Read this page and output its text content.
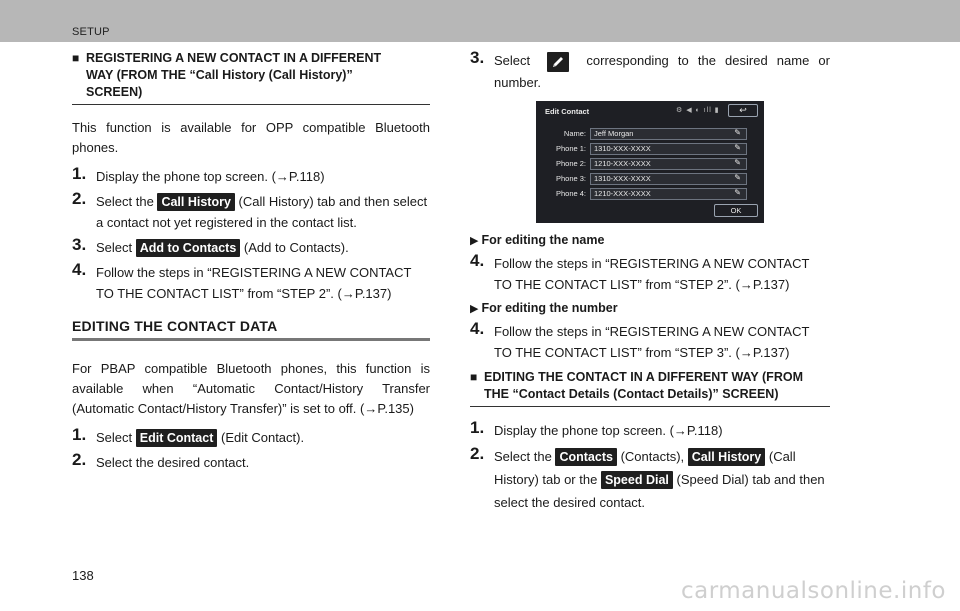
SETUP
■ REGISTERING A NEW CONTACT IN A DIFFERENT
WAY (FROM THE “Call History (Call History)”
SCREEN)

This function is available for OPP compatible Bluetooth phones.

1. Display the phone top screen. (→P.118)
2. Select the Call History (Call History) tab and then select a contact not yet registered in the contact list.
3. Select Add to Contacts (Add to Contacts).
4. Follow the steps in “REGISTERING A NEW CONTACT TO THE CONTACT LIST” from “STEP 2”. (→P.137)
EDITING THE CONTACT DATA

For PBAP compatible Bluetooth phones, this function is available when “Automatic Contact/History Transfer (Automatic Contact/History Transfer)” is set to off. (→P.135)

1. Select Edit Contact (Edit Contact).
2. Select the desired contact.
3. Select	corresponding to the desired name or number.
Edit Contact	⚙ ◀ ◐ ıll ▮	↩
Name:	Jeff Morgan	✎
Phone 1:	1310-XXX-XXXX	✎
Phone 2:	1210-XXX-XXXX	✎
Phone 3:	1310-XXX-XXXX	✎
Phone 4:	1210-XXX-XXXX	✎
OK
▶ For editing the name
4. Follow the steps in “REGISTERING A NEW CONTACT TO THE CONTACT LIST” from “STEP 2”. (→P.137)
▶ For editing the number
4. Follow the steps in “REGISTERING A NEW CONTACT TO THE CONTACT LIST” from “STEP 3”. (→P.137)
■ EDITING THE CONTACT IN A DIFFERENT WAY (FROM
THE “Contact Details (Contact Details)” SCREEN)
1. Display the phone top screen. (→P.118)
2. Select the Contacts (Contacts), Call History (Call History) tab or the Speed Dial (Speed Dial) tab and then select the desired contact.
138
carmanualsonline.info
